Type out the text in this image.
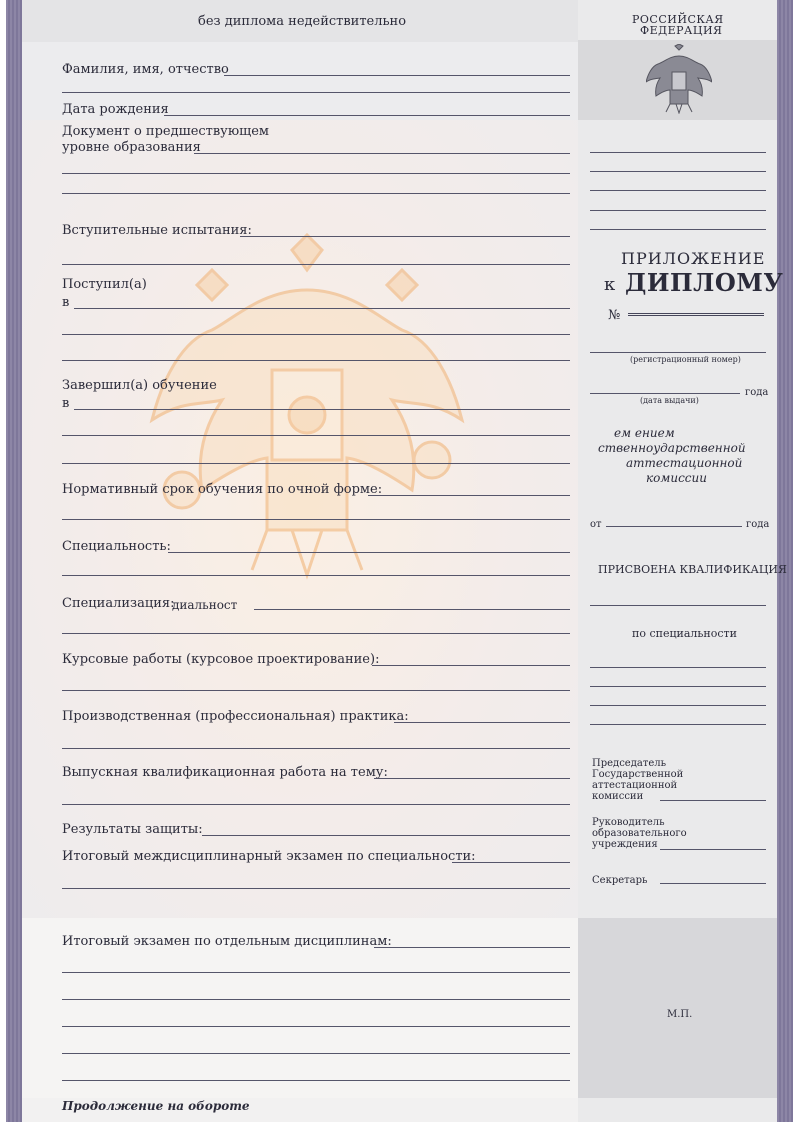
без диплома недействительно
Фамилия, имя, отчество
Дата рождения
Документ о предшествующем
уровне образования
Вступительные испытания:
Поступил(а)
в
Завершил(а) обучение
в
Нормативный срок обучения по очной форме:
Специальность:
Специализация:
диальност
Курсовые работы (курсовое проектирование):
Производственная (профессиональная) практика:
Выпускная квалификационная работа на тему:
Результаты защиты:
Итоговый междисциплинарный экзамен по специальности:
Итоговый экзамен по отдельным дисциплинам:
Продолжение на обороте
РОССИЙСКАЯ
ФЕДЕРАЦИЯ
ПРИЛОЖЕНИЕ
к ДИПЛОМУ
№
(регистрационный номер)
года
(дата выдачи)
ем ением
ственноударственной
аттестационной
комиссии
от	года
ПРИСВОЕНА КВАЛИФИКАЦИЯ
по специальности
Председатель
Государственной
аттестационной
комиссии
Руководитель
образовательного
учреждения
Секретарь
М.П.
